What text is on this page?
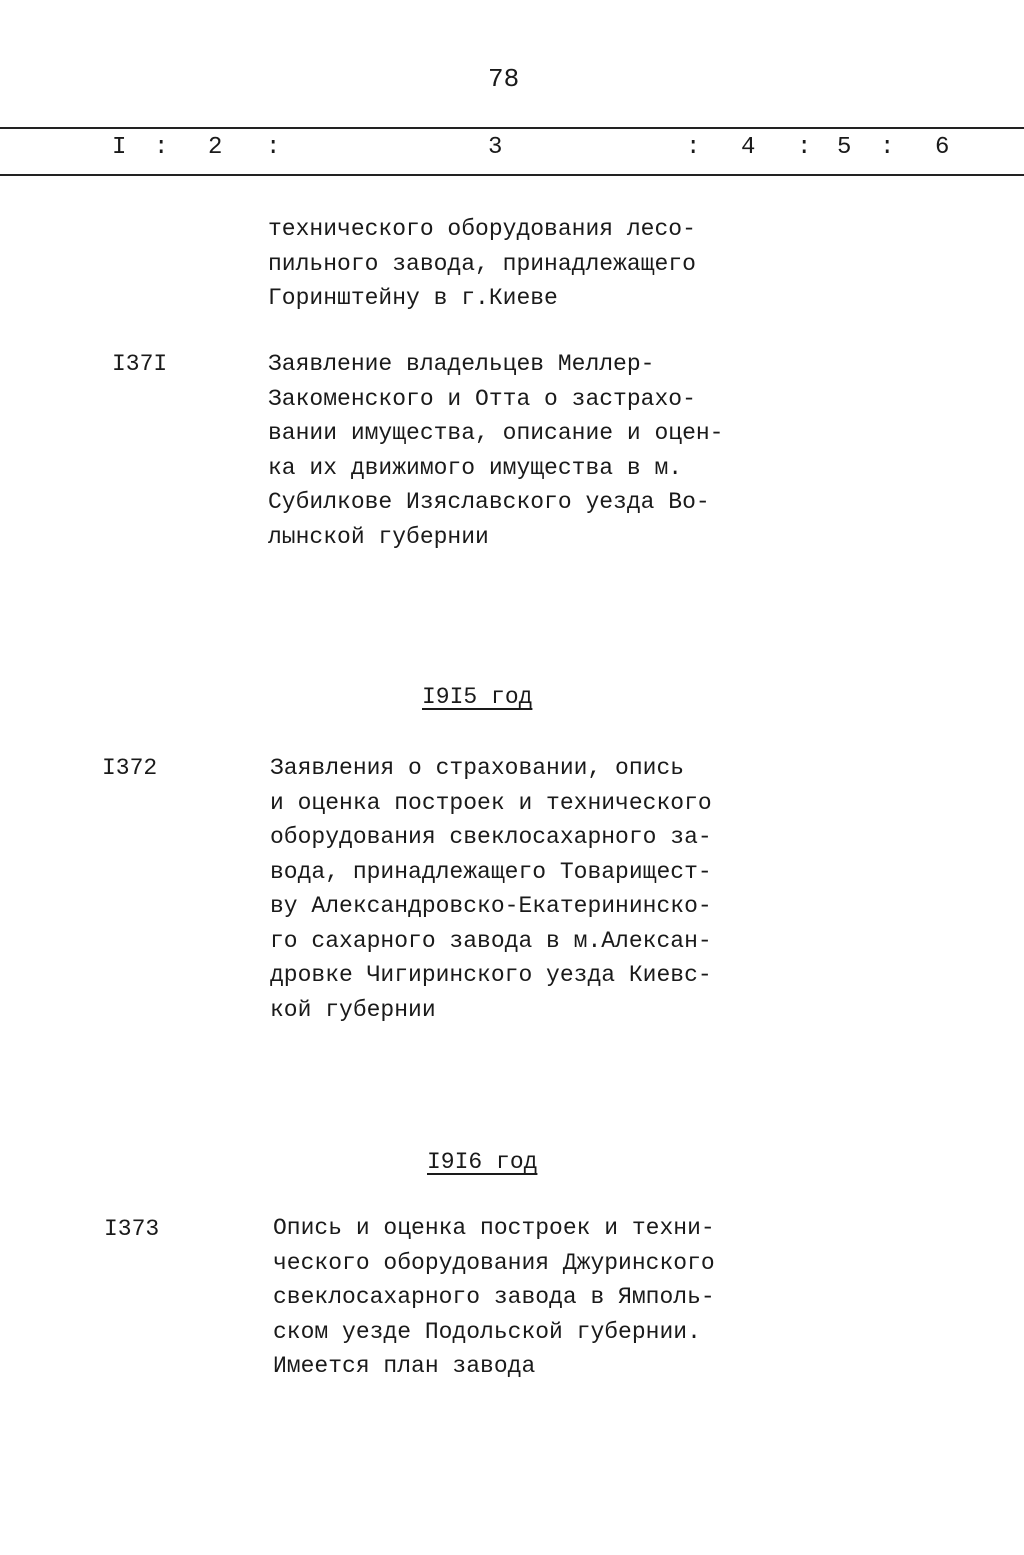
78
I : 2 :	3	: 4 : 5 : 6
технического оборудования лесо-
пильного завода, принадлежащего
Горинштейну в г.Киеве
I37I	Заявление владельцев Меллер-
Закоменского и Отта о застрахо-
вании имущества, описание и оцен-
ка их движимого имущества в м.
Субилкове Изяславского уезда Во-
лынской губернии
I9I5 год
I372	Заявления о страховании, опись
и оценка построек и технического
оборудования свеклосахарного за-
вода, принадлежащего Товарищест-
ву Александровско-Екатерининско-
го сахарного завода в м.Алексан-
дровке Чигиринского уезда Киевс-
кой губернии
I9I6 год
I373	Опись и оценка построек и техни-
ческого оборудования Джуринского
свеклосахарного завода в Ямполь-
ском уезде Подольской губернии.
Имеется план завода
